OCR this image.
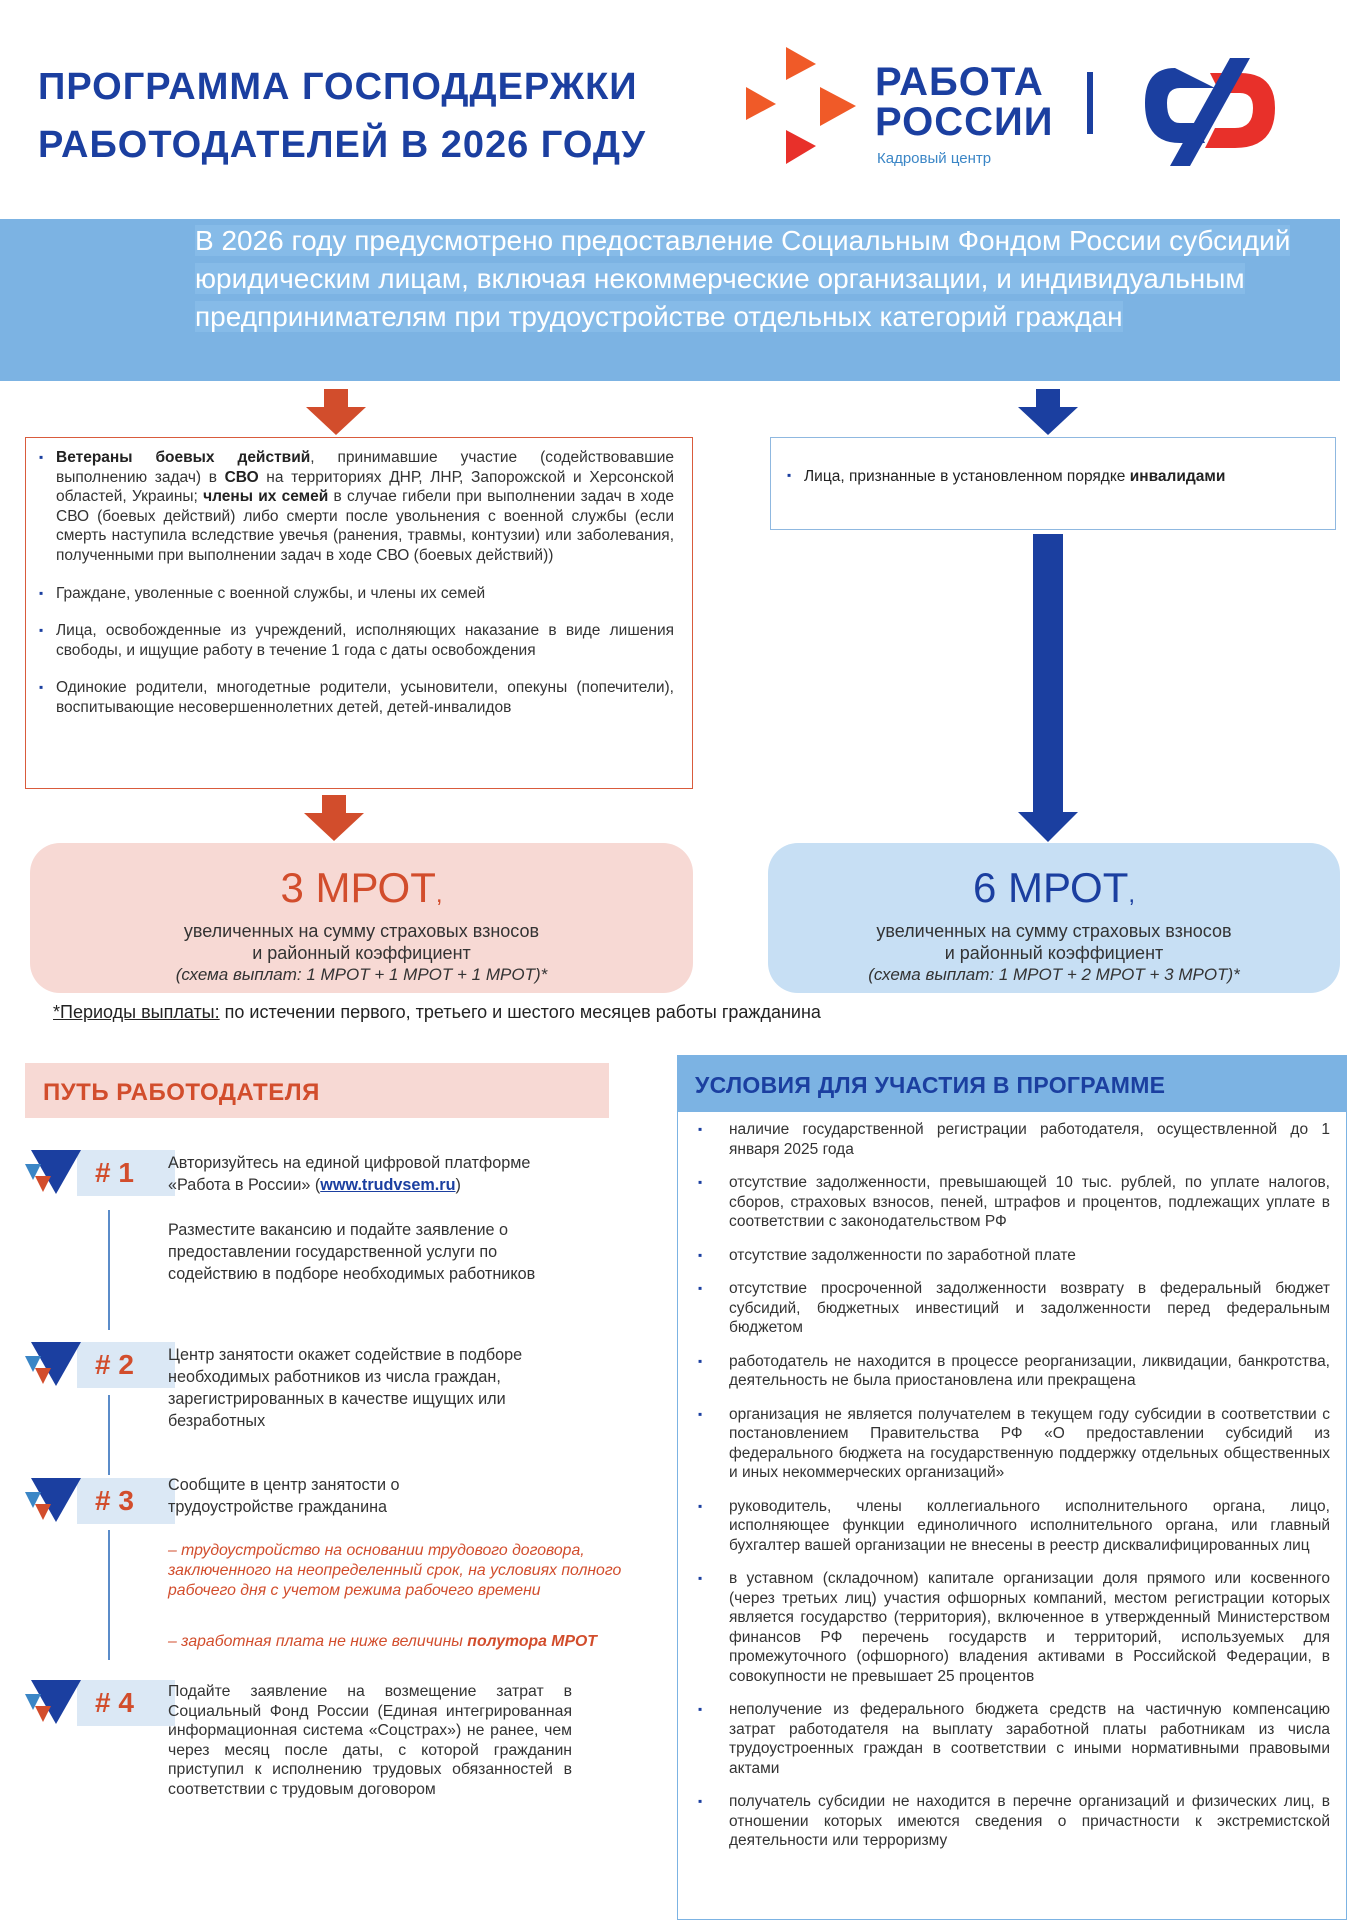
ПРОГРАММА ГОСПОДДЕРЖКИ
РАБОТОДАТЕЛЕЙ В 2026 ГОДУ
РАБОТА
РОССИИ
Кадровый центр
В 2026 году предусмотрено предоставление Социальным Фондом России субсидий юридическим лицам, включая некоммерческие организации, и индивидуальным предпринимателям при трудоустройстве отдельных категорий граждан
▪ Ветераны боевых действий, принимавшие участие (содействовавшие выполнению задач) в СВО на территориях ДНР, ЛНР, Запорожской и Херсонской областей, Украины; члены их семей в случае гибели при выполнении задач в ходе СВО (боевых действий) либо смерти после увольнения с военной службы (если смерть наступила вследствие увечья (ранения, травмы, контузии) или заболевания, полученными при выполнении задач в ходе СВО (боевых действий))
▪ Граждане, уволенные с военной службы, и члены их семей
▪ Лица, освобожденные из учреждений, исполняющих наказание в виде лишения свободы, и ищущие работу в течение 1 года с даты освобождения
▪ Одинокие родители, многодетные родители, усыновители, опекуны (попечители), воспитывающие несовершеннолетних детей, детей-инвалидов

▪ Лица, признанные в установленном порядке инвалидами

3 МРОТ,
увеличенных на сумму страховых взносов
и районный коэффициент
(схема выплат: 1 МРОТ + 1 МРОТ + 1 МРОТ)*
6 МРОТ,
увеличенных на сумму страховых взносов
и районный коэффициент
(схема выплат: 1 МРОТ + 2 МРОТ + 3 МРОТ)*
*Периоды выплаты: по истечении первого, третьего и шестого месяцев работы гражданина
ПУТЬ РАБОТОДАТЕЛЯ
# 1 Авторизуйтесь на единой цифровой платформе «Работа в России» (www.trudvsem.ru)
Разместите вакансию и подайте заявление о предоставлении государственной услуги по содействию в подборе необходимых работников
# 2 Центр занятости окажет содействие в подборе необходимых работников из числа граждан, зарегистрированных в качестве ищущих или безработных
# 3 Сообщите в центр занятости о трудоустройстве гражданина
– трудоустройство на основании трудового договора, заключенного на неопределенный срок, на условиях полного рабочего дня с учетом режима рабочего времени
– заработная плата не ниже величины полутора МРОТ
# 4 Подайте заявление на возмещение затрат в Социальный Фонд России (Единая интегрированная информационная система «Соцстрах») не ранее, чем через месяц после даты, с которой гражданин приступил к исполнению трудовых обязанностей в соответствии с трудовым договором
УСЛОВИЯ ДЛЯ УЧАСТИЯ В ПРОГРАММЕ
▪ наличие государственной регистрации работодателя, осуществленной до 1 января 2025 года
▪ отсутствие задолженности, превышающей 10 тыс. рублей, по уплате налогов, сборов, страховых взносов, пеней, штрафов и процентов, подлежащих уплате в соответствии с законодательством РФ
▪ отсутствие задолженности по заработной плате
▪ отсутствие просроченной задолженности возврату в федеральный бюджет субсидий, бюджетных инвестиций и задолженности перед федеральным бюджетом
▪ работодатель не находится в процессе реорганизации, ликвидации, банкротства, деятельность не была приостановлена или прекращена
▪ организация не является получателем в текущем году субсидии в соответствии с постановлением Правительства РФ «О предоставлении субсидий из федерального бюджета на государственную поддержку отдельных общественных и иных некоммерческих организаций»
▪ руководитель, члены коллегиального исполнительного органа, лицо, исполняющее функции единоличного исполнительного органа, или главный бухгалтер вашей организации не внесены в реестр дисквалифицированных лиц
▪ в уставном (складочном) капитале организации доля прямого или косвенного (через третьих лиц) участия офшорных компаний, местом регистрации которых является государство (территория), включенное в утвержденный Министерством финансов РФ перечень государств и территорий, используемых для промежуточного (офшорного) владения активами в Российской Федерации, в совокупности не превышает 25 процентов
▪ неполучение из федерального бюджета средств на частичную компенсацию затрат работодателя на выплату заработной платы работникам из числа трудоустроенных граждан в соответствии с иными нормативными правовыми актами
▪ получатель субсидии не находится в перечне организаций и физических лиц, в отношении которых имеются сведения о причастности к экстремистской деятельности или терроризму
